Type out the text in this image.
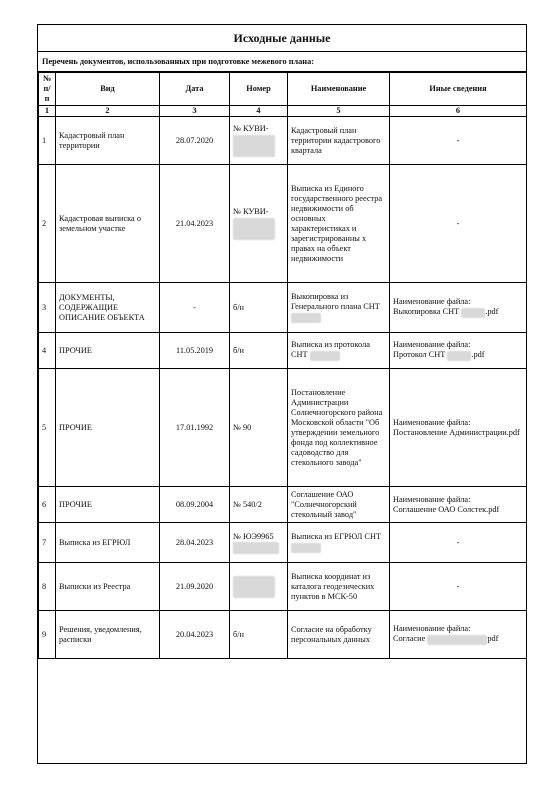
Исходные данные
Перечень документов, использованных при подготовке межевого плана:
№ п/п	Вид	Дата	Номер	Наименование	Иные сведения
1	2	3	4	5	6
1	Кадастровый план территории	28.07.2020	№ КУВИ-	Кадастровый план территории кадастрового квартала	-
2	Кадастровая выписка о земельном участке	21.04.2023	№ КУВИ-	Выписка из Единого государственного реестра недвижимости об основных характеристиках и зарегистрированны х правах на объект недвижимости	-
3	ДОКУМЕНТЫ, СОДЕРЖАЩИЕ ОПИСАНИЕ ОБЪЕКТА	-	б/н	Выкопировка из Генерального плана СНТ	Наименование файла:
Выкопировка СНТ .pdf
4	ПРОЧИЕ	11.05.2019	б/н	Выписка из протокола СНТ	Наименование файла:
Протокол СНТ .pdf
5	ПРОЧИЕ	17.01.1992	№ 90	Постановление Администрации Солнечногорского района Московской области "Об утверждении земельного фонда под коллективное садоводство для стекольного завода"	Наименование файла:
Постановление Администрации.pdf
6	ПРОЧИЕ	08.09.2004	№ 540/2	Соглашение ОАО "Солнечногорский стекольный завод"	Наименование файла:
Соглашение ОАО Солстек.pdf
7	Выписка из ЕГРЮЛ	28.04.2023	№ ЮЭ9965	Выписка из ЕГРЮЛ СНТ	-
8	Выписки из Реестра	21.09.2020		Выписка координат из каталога геодезических пунктов в МСК-50	-
9	Решения, уведомления, расписки	20.04.2023	б/н	Согласие на обработку персональных данных	Наименование файла:
Согласие pdf
